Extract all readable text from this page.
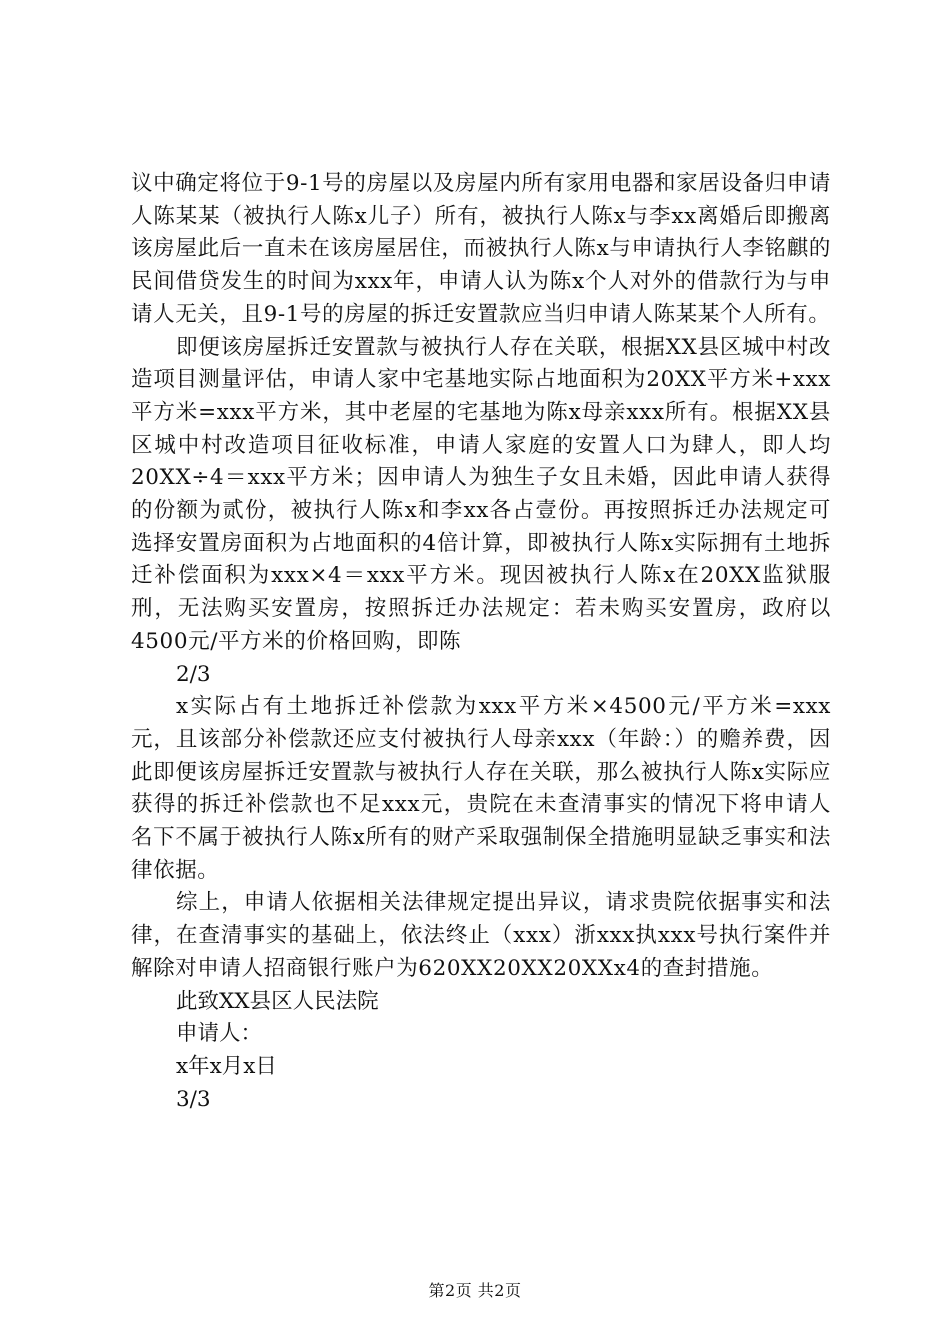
议中确定将位于9-1号的房屋以及房屋内所有家用电器和家居设备归申请人陈某某（被执行人陈x儿子）所有，被执行人陈x与李xx离婚后即搬离该房屋此后一直未在该房屋居住，而被执行人陈x与申请执行人李铭麒的民间借贷发生的时间为xxx年，申请人认为陈x个人对外的借款行为与申请人无关，且9-1号的房屋的拆迁安置款应当归申请人陈某某个人所有。

即便该房屋拆迁安置款与被执行人存在关联，根据XX县区城中村改造项目测量评估，申请人家中宅基地实际占地面积为20XX平方米+xxx平方米=xxx平方米，其中老屋的宅基地为陈x母亲xxx所有。根据XX县区城中村改造项目征收标准，申请人家庭的安置人口为肆人，即人均20XX÷4＝xxx平方米；因申请人为独生子女且未婚，因此申请人获得的份额为贰份，被执行人陈x和李xx各占壹份。再按照拆迁办法规定可选择安置房面积为占地面积的4倍计算，即被执行人陈x实际拥有土地拆迁补偿面积为xxx×4＝xxx平方米。现因被执行人陈x在20XX监狱服刑，无法购买安置房，按照拆迁办法规定：若未购买安置房，政府以4500元/平方米的价格回购，即陈

2/3

x实际占有土地拆迁补偿款为xxx平方米×4500元/平方米=xxx元，且该部分补偿款还应支付被执行人母亲xxx（年龄：）的赡养费，因此即便该房屋拆迁安置款与被执行人存在关联，那么被执行人陈x实际应获得的拆迁补偿款也不足xxx元，贵院在未查清事实的情况下将申请人名下不属于被执行人陈x所有的财产采取强制保全措施明显缺乏事实和法律依据。

综上，申请人依据相关法律规定提出异议，请求贵院依据事实和法律，在查清事实的基础上，依法终止（xxx）浙xxx执xxx号执行案件并解除对申请人招商银行账户为620XX20XX20XXx4的查封措施。

此致XX县区人民法院

申请人：

x年x月x日

3/3

第2页 共2页
